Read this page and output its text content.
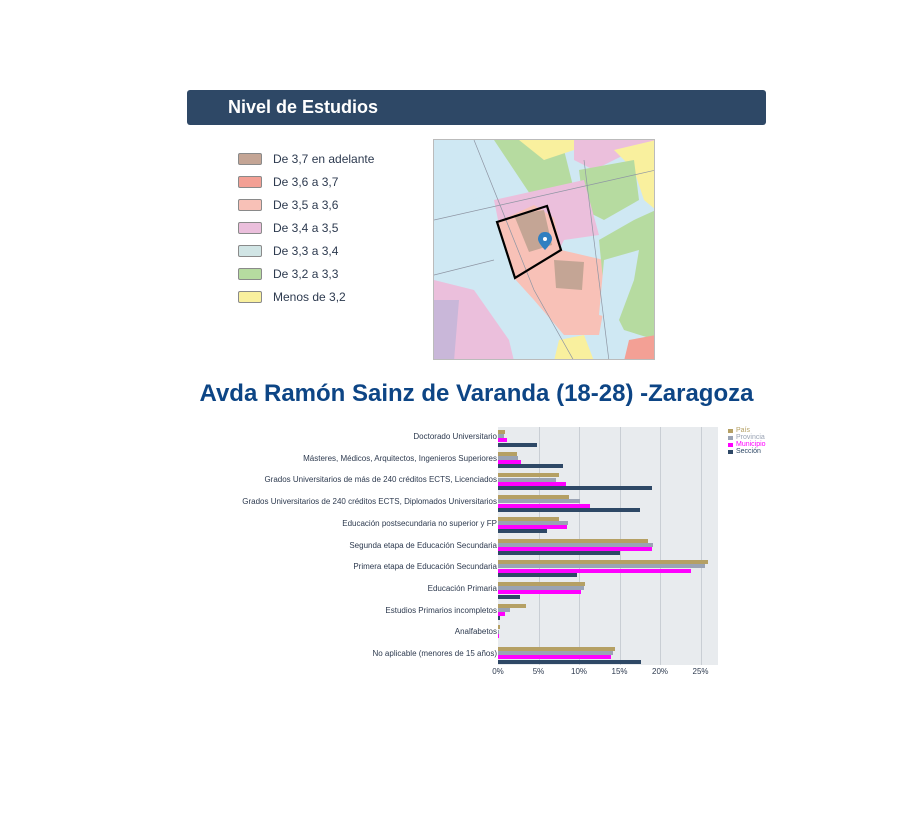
Nivel de Estudios
De 3,7 en adelante
De 3,6 a 3,7
De 3,5 a 3,6
De 3,4 a 3,5
De 3,3 a 3,4
De 3,2 a 3,3
Menos de 3,2
Avda Ramón Sainz de Varanda (18-28) -Zaragoza
Doctorado Universitario
Másteres, Médicos, Arquitectos, Ingenieros Superiores
Grados Universitarios de más de 240 créditos ECTS, Licenciados
Grados Universitarios de 240 créditos ECTS, Diplomados Universitarios
Educación postsecundaria no superior y FP
Segunda etapa de Educación Secundaria
Primera etapa de Educación Secundaria
Educación Primaria
Estudios Primarios incompletos
Analfabetos
No aplicable (menores de 15 años)
0%	5%	10%	15%	20%	25%
País
Provincia
Municipio
Sección
